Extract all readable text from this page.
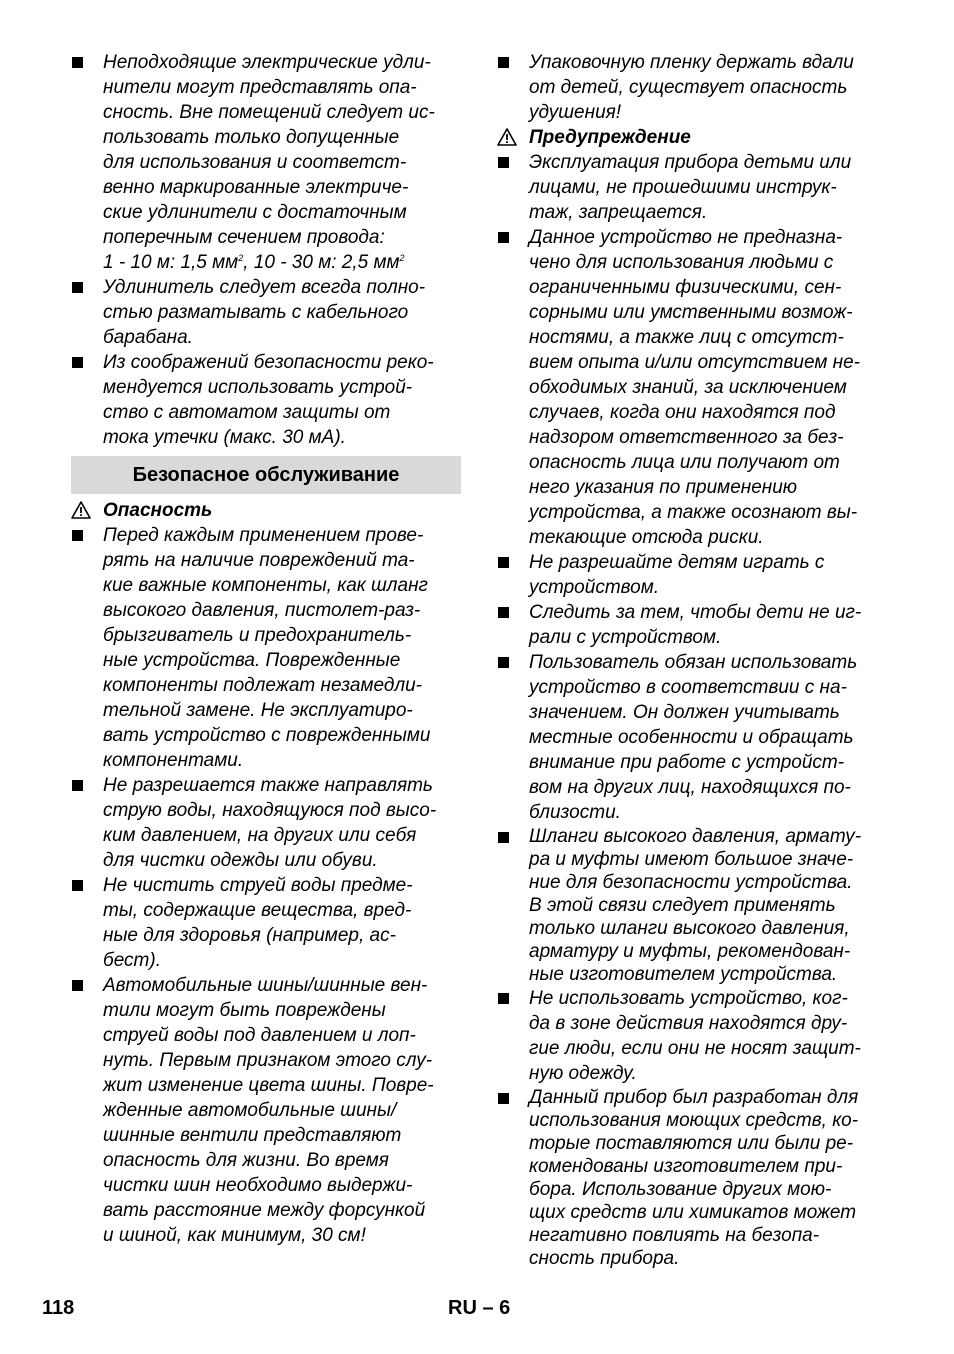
Неподходящие электрические удли-
нители могут представлять опа-
сность. Вне помещений следует ис-
пользовать только допущенные
для использования и соответст-
венно маркированные электриче-
ские удлинители с достаточным
поперечным сечением провода:
1 - 10 м: 1,5 $мм^2$, 10 - 30 м: 2,5 $мм^2$
Удлинитель следует всегда полно-
стью разматывать с кабельного
барабана.
Из соображений безопасности реко-
мендуется использовать устрой-
ство с автоматом защиты от
тока утечки (макс. 30 мА).
Безопасное обслуживание
Опасность
Перед каждым применением прове-
рять на наличие повреждений та-
кие важные компоненты, как шланг
высокого давления, пистолет-раз-
брызгиватель и предохранитель-
ные устройства. Поврежденные
компоненты подлежат незамедли-
тельной замене. Не эксплуатиро-
вать устройство с поврежденными
компонентами.
Не разрешается также направлять
струю воды, находящуюся под высо-
ким давлением, на других или себя
для чистки одежды или обуви.
Не чистить струей воды предме-
ты, содержащие вещества, вред-
ные для здоровья (например, ас-
бест).
Автомобильные шины/шинные вен-
тили могут быть повреждены
струей воды под давлением и лоп-
нуть. Первым признаком этого слу-
жит изменение цвета шины. Повре-
жденные автомобильные шины/
шинные вентили представляют
опасность для жизни. Во время
чистки шин необходимо выдержи-
вать расстояние между форсункой
и шиной, как минимум, 30 см!
Упаковочную пленку держать вдали
от детей, существует опасность
удушения!
Предупреждение
Эксплуатация прибора детьми или
лицами, не прошедшими инструк-
таж, запрещается.
Данное устройство не предназна-
чено для использования людьми с
ограниченными физическими, сен-
сорными или умственными возмож-
ностями, а также лиц с отсутст-
вием опыта и/или отсутствием не-
обходимых знаний, за исключением
случаев, когда они находятся под
надзором ответственного за без-
опасность лица или получают от
него указания по применению
устройства, а также осознают вы-
текающие отсюда риски.
Не разрешайте детям играть с
устройством.
Следить за тем, чтобы дети не иг-
рали с устройством.
Пользователь обязан использовать
устройство в соответствии с на-
значением. Он должен учитывать
местные особенности и обращать
внимание при работе с устройст-
вом на других лиц, находящихся по-
близости.
Шланги высокого давления, армату-
ра и муфты имеют большое значе-
ние для безопасности устройства.
В этой связи следует применять
только шланги высокого давления,
арматуру и муфты, рекомендован-
ные изготовителем устройства.
Не использовать устройство, ког-
да в зоне действия находятся дру-
гие люди, если они не носят защит-
ную одежду.
Данный прибор был разработан для
использования моющих средств, ко-
торые поставляются или были ре-
комендованы изготовителем при-
бора. Использование других мою-
щих средств или химикатов может
негативно повлиять на безопа-
сность прибора.
118	RU – 6
